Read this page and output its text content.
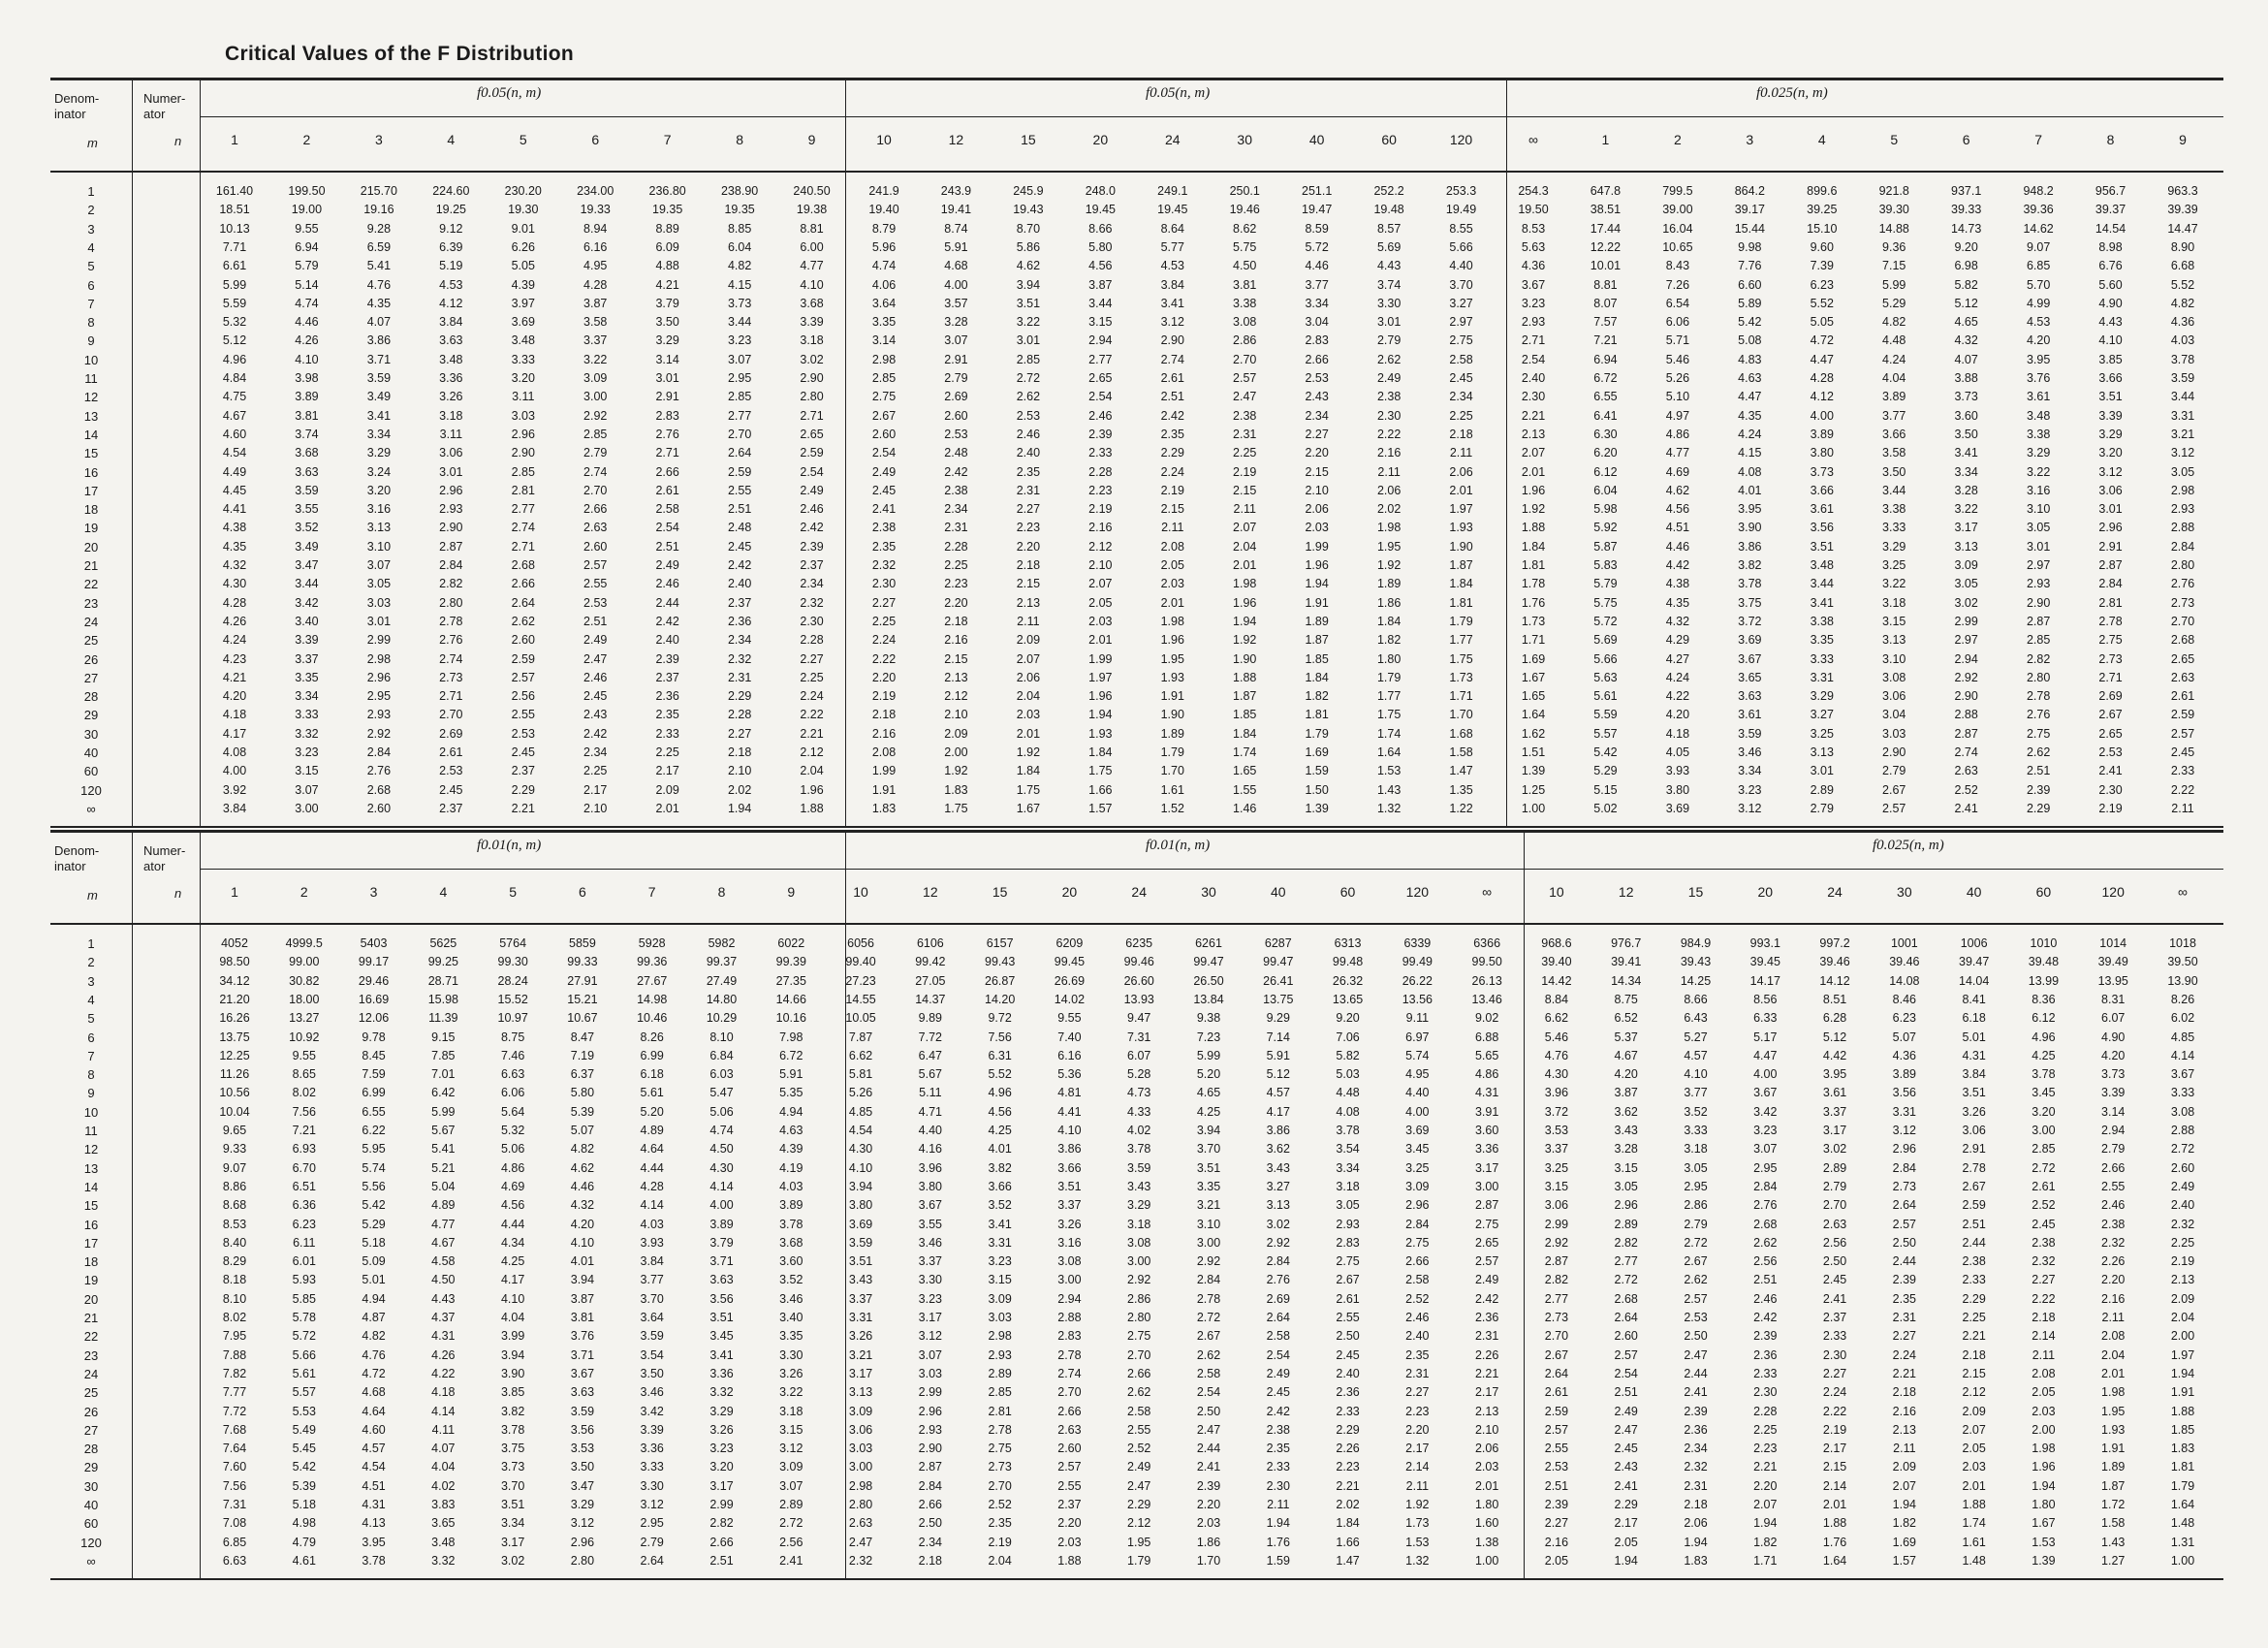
Critical Values of the F Distribution
Denom-
inator
Numer-
ator
m	n
f0.05(n, m)	f0.05(n, m)	f0.025(n, m)
1	2	3	4	5	6	7	8	9	10	12	15	20	24	30	40	60	120	∞	1	2	3	4	5	6	7	8	9
1	161.40	199.50	215.70	224.60	230.20	234.00	236.80	238.90	240.50	241.9	243.9	245.9	248.0	249.1	250.1	251.1	252.2	253.3	254.3	647.8	799.5	864.2	899.6	921.8	937.1	948.2	956.7	963.3
2	18.51	19.00	19.16	19.25	19.30	19.33	19.35	19.35	19.38	19.40	19.41	19.43	19.45	19.45	19.46	19.47	19.48	19.49	19.50	38.51	39.00	39.17	39.25	39.30	39.33	39.36	39.37	39.39
3	10.13	9.55	9.28	9.12	9.01	8.94	8.89	8.85	8.81	8.79	8.74	8.70	8.66	8.64	8.62	8.59	8.57	8.55	8.53	17.44	16.04	15.44	15.10	14.88	14.73	14.62	14.54	14.47
4	7.71	6.94	6.59	6.39	6.26	6.16	6.09	6.04	6.00	5.96	5.91	5.86	5.80	5.77	5.75	5.72	5.69	5.66	5.63	12.22	10.65	9.98	9.60	9.36	9.20	9.07	8.98	8.90
5	6.61	5.79	5.41	5.19	5.05	4.95	4.88	4.82	4.77	4.74	4.68	4.62	4.56	4.53	4.50	4.46	4.43	4.40	4.36	10.01	8.43	7.76	7.39	7.15	6.98	6.85	6.76	6.68
6	5.99	5.14	4.76	4.53	4.39	4.28	4.21	4.15	4.10	4.06	4.00	3.94	3.87	3.84	3.81	3.77	3.74	3.70	3.67	8.81	7.26	6.60	6.23	5.99	5.82	5.70	5.60	5.52
7	5.59	4.74	4.35	4.12	3.97	3.87	3.79	3.73	3.68	3.64	3.57	3.51	3.44	3.41	3.38	3.34	3.30	3.27	3.23	8.07	6.54	5.89	5.52	5.29	5.12	4.99	4.90	4.82
8	5.32	4.46	4.07	3.84	3.69	3.58	3.50	3.44	3.39	3.35	3.28	3.22	3.15	3.12	3.08	3.04	3.01	2.97	2.93	7.57	6.06	5.42	5.05	4.82	4.65	4.53	4.43	4.36
9	5.12	4.26	3.86	3.63	3.48	3.37	3.29	3.23	3.18	3.14	3.07	3.01	2.94	2.90	2.86	2.83	2.79	2.75	2.71	7.21	5.71	5.08	4.72	4.48	4.32	4.20	4.10	4.03
10	4.96	4.10	3.71	3.48	3.33	3.22	3.14	3.07	3.02	2.98	2.91	2.85	2.77	2.74	2.70	2.66	2.62	2.58	2.54	6.94	5.46	4.83	4.47	4.24	4.07	3.95	3.85	3.78
11	4.84	3.98	3.59	3.36	3.20	3.09	3.01	2.95	2.90	2.85	2.79	2.72	2.65	2.61	2.57	2.53	2.49	2.45	2.40	6.72	5.26	4.63	4.28	4.04	3.88	3.76	3.66	3.59
12	4.75	3.89	3.49	3.26	3.11	3.00	2.91	2.85	2.80	2.75	2.69	2.62	2.54	2.51	2.47	2.43	2.38	2.34	2.30	6.55	5.10	4.47	4.12	3.89	3.73	3.61	3.51	3.44
13	4.67	3.81	3.41	3.18	3.03	2.92	2.83	2.77	2.71	2.67	2.60	2.53	2.46	2.42	2.38	2.34	2.30	2.25	2.21	6.41	4.97	4.35	4.00	3.77	3.60	3.48	3.39	3.31
14	4.60	3.74	3.34	3.11	2.96	2.85	2.76	2.70	2.65	2.60	2.53	2.46	2.39	2.35	2.31	2.27	2.22	2.18	2.13	6.30	4.86	4.24	3.89	3.66	3.50	3.38	3.29	3.21
15	4.54	3.68	3.29	3.06	2.90	2.79	2.71	2.64	2.59	2.54	2.48	2.40	2.33	2.29	2.25	2.20	2.16	2.11	2.07	6.20	4.77	4.15	3.80	3.58	3.41	3.29	3.20	3.12
16	4.49	3.63	3.24	3.01	2.85	2.74	2.66	2.59	2.54	2.49	2.42	2.35	2.28	2.24	2.19	2.15	2.11	2.06	2.01	6.12	4.69	4.08	3.73	3.50	3.34	3.22	3.12	3.05
17	4.45	3.59	3.20	2.96	2.81	2.70	2.61	2.55	2.49	2.45	2.38	2.31	2.23	2.19	2.15	2.10	2.06	2.01	1.96	6.04	4.62	4.01	3.66	3.44	3.28	3.16	3.06	2.98
18	4.41	3.55	3.16	2.93	2.77	2.66	2.58	2.51	2.46	2.41	2.34	2.27	2.19	2.15	2.11	2.06	2.02	1.97	1.92	5.98	4.56	3.95	3.61	3.38	3.22	3.10	3.01	2.93
19	4.38	3.52	3.13	2.90	2.74	2.63	2.54	2.48	2.42	2.38	2.31	2.23	2.16	2.11	2.07	2.03	1.98	1.93	1.88	5.92	4.51	3.90	3.56	3.33	3.17	3.05	2.96	2.88
20	4.35	3.49	3.10	2.87	2.71	2.60	2.51	2.45	2.39	2.35	2.28	2.20	2.12	2.08	2.04	1.99	1.95	1.90	1.84	5.87	4.46	3.86	3.51	3.29	3.13	3.01	2.91	2.84
21	4.32	3.47	3.07	2.84	2.68	2.57	2.49	2.42	2.37	2.32	2.25	2.18	2.10	2.05	2.01	1.96	1.92	1.87	1.81	5.83	4.42	3.82	3.48	3.25	3.09	2.97	2.87	2.80
22	4.30	3.44	3.05	2.82	2.66	2.55	2.46	2.40	2.34	2.30	2.23	2.15	2.07	2.03	1.98	1.94	1.89	1.84	1.78	5.79	4.38	3.78	3.44	3.22	3.05	2.93	2.84	2.76
23	4.28	3.42	3.03	2.80	2.64	2.53	2.44	2.37	2.32	2.27	2.20	2.13	2.05	2.01	1.96	1.91	1.86	1.81	1.76	5.75	4.35	3.75	3.41	3.18	3.02	2.90	2.81	2.73
24	4.26	3.40	3.01	2.78	2.62	2.51	2.42	2.36	2.30	2.25	2.18	2.11	2.03	1.98	1.94	1.89	1.84	1.79	1.73	5.72	4.32	3.72	3.38	3.15	2.99	2.87	2.78	2.70
25	4.24	3.39	2.99	2.76	2.60	2.49	2.40	2.34	2.28	2.24	2.16	2.09	2.01	1.96	1.92	1.87	1.82	1.77	1.71	5.69	4.29	3.69	3.35	3.13	2.97	2.85	2.75	2.68
26	4.23	3.37	2.98	2.74	2.59	2.47	2.39	2.32	2.27	2.22	2.15	2.07	1.99	1.95	1.90	1.85	1.80	1.75	1.69	5.66	4.27	3.67	3.33	3.10	2.94	2.82	2.73	2.65
27	4.21	3.35	2.96	2.73	2.57	2.46	2.37	2.31	2.25	2.20	2.13	2.06	1.97	1.93	1.88	1.84	1.79	1.73	1.67	5.63	4.24	3.65	3.31	3.08	2.92	2.80	2.71	2.63
28	4.20	3.34	2.95	2.71	2.56	2.45	2.36	2.29	2.24	2.19	2.12	2.04	1.96	1.91	1.87	1.82	1.77	1.71	1.65	5.61	4.22	3.63	3.29	3.06	2.90	2.78	2.69	2.61
29	4.18	3.33	2.93	2.70	2.55	2.43	2.35	2.28	2.22	2.18	2.10	2.03	1.94	1.90	1.85	1.81	1.75	1.70	1.64	5.59	4.20	3.61	3.27	3.04	2.88	2.76	2.67	2.59
30	4.17	3.32	2.92	2.69	2.53	2.42	2.33	2.27	2.21	2.16	2.09	2.01	1.93	1.89	1.84	1.79	1.74	1.68	1.62	5.57	4.18	3.59	3.25	3.03	2.87	2.75	2.65	2.57
40	4.08	3.23	2.84	2.61	2.45	2.34	2.25	2.18	2.12	2.08	2.00	1.92	1.84	1.79	1.74	1.69	1.64	1.58	1.51	5.42	4.05	3.46	3.13	2.90	2.74	2.62	2.53	2.45
60	4.00	3.15	2.76	2.53	2.37	2.25	2.17	2.10	2.04	1.99	1.92	1.84	1.75	1.70	1.65	1.59	1.53	1.47	1.39	5.29	3.93	3.34	3.01	2.79	2.63	2.51	2.41	2.33
120	3.92	3.07	2.68	2.45	2.29	2.17	2.09	2.02	1.96	1.91	1.83	1.75	1.66	1.61	1.55	1.50	1.43	1.35	1.25	5.15	3.80	3.23	2.89	2.67	2.52	2.39	2.30	2.22
∞	3.84	3.00	2.60	2.37	2.21	2.10	2.01	1.94	1.88	1.83	1.75	1.67	1.57	1.52	1.46	1.39	1.32	1.22	1.00	5.02	3.69	3.12	2.79	2.57	2.41	2.29	2.19	2.11
Denom-
inator
Numer-
ator
m	n
f0.01(n, m)	f0.01(n, m)	f0.025(n, m)
1	2	3	4	5	6	7	8	9	10	12	15	20	24	30	40	60	120	∞	10	12	15	20	24	30	40	60	120	∞
1	4052	4999.5	5403	5625	5764	5859	5928	5982	6022	6056	6106	6157	6209	6235	6261	6287	6313	6339	6366	968.6	976.7	984.9	993.1	997.2	1001	1006	1010	1014	1018
2	98.50	99.00	99.17	99.25	99.30	99.33	99.36	99.37	99.39	99.40	99.42	99.43	99.45	99.46	99.47	99.47	99.48	99.49	99.50	39.40	39.41	39.43	39.45	39.46	39.46	39.47	39.48	39.49	39.50
3	34.12	30.82	29.46	28.71	28.24	27.91	27.67	27.49	27.35	27.23	27.05	26.87	26.69	26.60	26.50	26.41	26.32	26.22	26.13	14.42	14.34	14.25	14.17	14.12	14.08	14.04	13.99	13.95	13.90
4	21.20	18.00	16.69	15.98	15.52	15.21	14.98	14.80	14.66	14.55	14.37	14.20	14.02	13.93	13.84	13.75	13.65	13.56	13.46	8.84	8.75	8.66	8.56	8.51	8.46	8.41	8.36	8.31	8.26
5	16.26	13.27	12.06	11.39	10.97	10.67	10.46	10.29	10.16	10.05	9.89	9.72	9.55	9.47	9.38	9.29	9.20	9.11	9.02	6.62	6.52	6.43	6.33	6.28	6.23	6.18	6.12	6.07	6.02
6	13.75	10.92	9.78	9.15	8.75	8.47	8.26	8.10	7.98	7.87	7.72	7.56	7.40	7.31	7.23	7.14	7.06	6.97	6.88	5.46	5.37	5.27	5.17	5.12	5.07	5.01	4.96	4.90	4.85
7	12.25	9.55	8.45	7.85	7.46	7.19	6.99	6.84	6.72	6.62	6.47	6.31	6.16	6.07	5.99	5.91	5.82	5.74	5.65	4.76	4.67	4.57	4.47	4.42	4.36	4.31	4.25	4.20	4.14
8	11.26	8.65	7.59	7.01	6.63	6.37	6.18	6.03	5.91	5.81	5.67	5.52	5.36	5.28	5.20	5.12	5.03	4.95	4.86	4.30	4.20	4.10	4.00	3.95	3.89	3.84	3.78	3.73	3.67
9	10.56	8.02	6.99	6.42	6.06	5.80	5.61	5.47	5.35	5.26	5.11	4.96	4.81	4.73	4.65	4.57	4.48	4.40	4.31	3.96	3.87	3.77	3.67	3.61	3.56	3.51	3.45	3.39	3.33
10	10.04	7.56	6.55	5.99	5.64	5.39	5.20	5.06	4.94	4.85	4.71	4.56	4.41	4.33	4.25	4.17	4.08	4.00	3.91	3.72	3.62	3.52	3.42	3.37	3.31	3.26	3.20	3.14	3.08
11	9.65	7.21	6.22	5.67	5.32	5.07	4.89	4.74	4.63	4.54	4.40	4.25	4.10	4.02	3.94	3.86	3.78	3.69	3.60	3.53	3.43	3.33	3.23	3.17	3.12	3.06	3.00	2.94	2.88
12	9.33	6.93	5.95	5.41	5.06	4.82	4.64	4.50	4.39	4.30	4.16	4.01	3.86	3.78	3.70	3.62	3.54	3.45	3.36	3.37	3.28	3.18	3.07	3.02	2.96	2.91	2.85	2.79	2.72
13	9.07	6.70	5.74	5.21	4.86	4.62	4.44	4.30	4.19	4.10	3.96	3.82	3.66	3.59	3.51	3.43	3.34	3.25	3.17	3.25	3.15	3.05	2.95	2.89	2.84	2.78	2.72	2.66	2.60
14	8.86	6.51	5.56	5.04	4.69	4.46	4.28	4.14	4.03	3.94	3.80	3.66	3.51	3.43	3.35	3.27	3.18	3.09	3.00	3.15	3.05	2.95	2.84	2.79	2.73	2.67	2.61	2.55	2.49
15	8.68	6.36	5.42	4.89	4.56	4.32	4.14	4.00	3.89	3.80	3.67	3.52	3.37	3.29	3.21	3.13	3.05	2.96	2.87	3.06	2.96	2.86	2.76	2.70	2.64	2.59	2.52	2.46	2.40
16	8.53	6.23	5.29	4.77	4.44	4.20	4.03	3.89	3.78	3.69	3.55	3.41	3.26	3.18	3.10	3.02	2.93	2.84	2.75	2.99	2.89	2.79	2.68	2.63	2.57	2.51	2.45	2.38	2.32
17	8.40	6.11	5.18	4.67	4.34	4.10	3.93	3.79	3.68	3.59	3.46	3.31	3.16	3.08	3.00	2.92	2.83	2.75	2.65	2.92	2.82	2.72	2.62	2.56	2.50	2.44	2.38	2.32	2.25
18	8.29	6.01	5.09	4.58	4.25	4.01	3.84	3.71	3.60	3.51	3.37	3.23	3.08	3.00	2.92	2.84	2.75	2.66	2.57	2.87	2.77	2.67	2.56	2.50	2.44	2.38	2.32	2.26	2.19
19	8.18	5.93	5.01	4.50	4.17	3.94	3.77	3.63	3.52	3.43	3.30	3.15	3.00	2.92	2.84	2.76	2.67	2.58	2.49	2.82	2.72	2.62	2.51	2.45	2.39	2.33	2.27	2.20	2.13
20	8.10	5.85	4.94	4.43	4.10	3.87	3.70	3.56	3.46	3.37	3.23	3.09	2.94	2.86	2.78	2.69	2.61	2.52	2.42	2.77	2.68	2.57	2.46	2.41	2.35	2.29	2.22	2.16	2.09
21	8.02	5.78	4.87	4.37	4.04	3.81	3.64	3.51	3.40	3.31	3.17	3.03	2.88	2.80	2.72	2.64	2.55	2.46	2.36	2.73	2.64	2.53	2.42	2.37	2.31	2.25	2.18	2.11	2.04
22	7.95	5.72	4.82	4.31	3.99	3.76	3.59	3.45	3.35	3.26	3.12	2.98	2.83	2.75	2.67	2.58	2.50	2.40	2.31	2.70	2.60	2.50	2.39	2.33	2.27	2.21	2.14	2.08	2.00
23	7.88	5.66	4.76	4.26	3.94	3.71	3.54	3.41	3.30	3.21	3.07	2.93	2.78	2.70	2.62	2.54	2.45	2.35	2.26	2.67	2.57	2.47	2.36	2.30	2.24	2.18	2.11	2.04	1.97
24	7.82	5.61	4.72	4.22	3.90	3.67	3.50	3.36	3.26	3.17	3.03	2.89	2.74	2.66	2.58	2.49	2.40	2.31	2.21	2.64	2.54	2.44	2.33	2.27	2.21	2.15	2.08	2.01	1.94
25	7.77	5.57	4.68	4.18	3.85	3.63	3.46	3.32	3.22	3.13	2.99	2.85	2.70	2.62	2.54	2.45	2.36	2.27	2.17	2.61	2.51	2.41	2.30	2.24	2.18	2.12	2.05	1.98	1.91
26	7.72	5.53	4.64	4.14	3.82	3.59	3.42	3.29	3.18	3.09	2.96	2.81	2.66	2.58	2.50	2.42	2.33	2.23	2.13	2.59	2.49	2.39	2.28	2.22	2.16	2.09	2.03	1.95	1.88
27	7.68	5.49	4.60	4.11	3.78	3.56	3.39	3.26	3.15	3.06	2.93	2.78	2.63	2.55	2.47	2.38	2.29	2.20	2.10	2.57	2.47	2.36	2.25	2.19	2.13	2.07	2.00	1.93	1.85
28	7.64	5.45	4.57	4.07	3.75	3.53	3.36	3.23	3.12	3.03	2.90	2.75	2.60	2.52	2.44	2.35	2.26	2.17	2.06	2.55	2.45	2.34	2.23	2.17	2.11	2.05	1.98	1.91	1.83
29	7.60	5.42	4.54	4.04	3.73	3.50	3.33	3.20	3.09	3.00	2.87	2.73	2.57	2.49	2.41	2.33	2.23	2.14	2.03	2.53	2.43	2.32	2.21	2.15	2.09	2.03	1.96	1.89	1.81
30	7.56	5.39	4.51	4.02	3.70	3.47	3.30	3.17	3.07	2.98	2.84	2.70	2.55	2.47	2.39	2.30	2.21	2.11	2.01	2.51	2.41	2.31	2.20	2.14	2.07	2.01	1.94	1.87	1.79
40	7.31	5.18	4.31	3.83	3.51	3.29	3.12	2.99	2.89	2.80	2.66	2.52	2.37	2.29	2.20	2.11	2.02	1.92	1.80	2.39	2.29	2.18	2.07	2.01	1.94	1.88	1.80	1.72	1.64
60	7.08	4.98	4.13	3.65	3.34	3.12	2.95	2.82	2.72	2.63	2.50	2.35	2.20	2.12	2.03	1.94	1.84	1.73	1.60	2.27	2.17	2.06	1.94	1.88	1.82	1.74	1.67	1.58	1.48
120	6.85	4.79	3.95	3.48	3.17	2.96	2.79	2.66	2.56	2.47	2.34	2.19	2.03	1.95	1.86	1.76	1.66	1.53	1.38	2.16	2.05	1.94	1.82	1.76	1.69	1.61	1.53	1.43	1.31
∞	6.63	4.61	3.78	3.32	3.02	2.80	2.64	2.51	2.41	2.32	2.18	2.04	1.88	1.79	1.70	1.59	1.47	1.32	1.00	2.05	1.94	1.83	1.71	1.64	1.57	1.48	1.39	1.27	1.00
